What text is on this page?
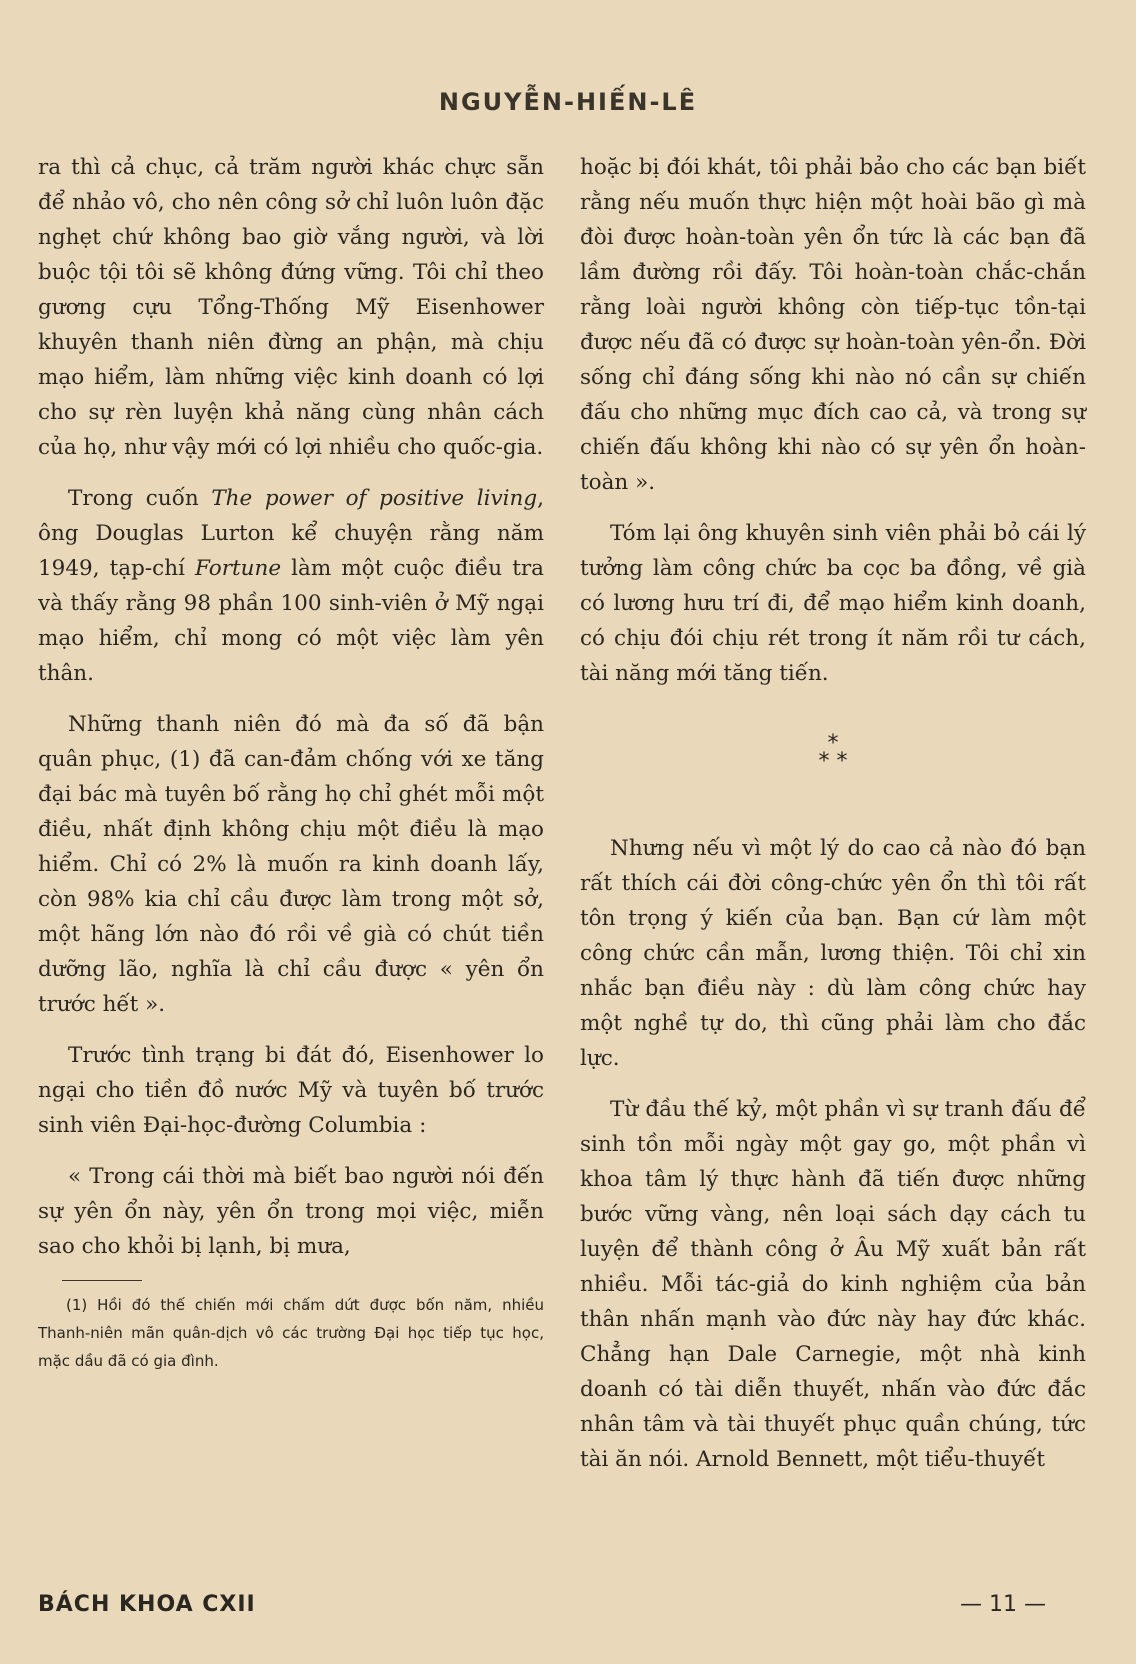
NGUYỄN-HIẾN-LÊ

ra thì cả chục, cả trăm người khác chực sẵn để nhảo vô, cho nên công sở chỉ luôn luôn đặc nghẹt chứ không bao giờ vắng người, và lời buộc tội tôi sẽ không đứng vững. Tôi chỉ theo gương cựu Tổng-Thống Mỹ Eisenhower khuyên thanh niên đừng an phận, mà chịu mạo hiểm, làm những việc kinh doanh có lợi cho sự rèn luyện khả năng cùng nhân cách của họ, như vậy mới có lợi nhiều cho quốc-gia.

Trong cuốn The power of positive living, ông Douglas Lurton kể chuyện rằng năm 1949, tạp-chí Fortune làm một cuộc điều tra và thấy rằng 98 phần 100 sinh-viên ở Mỹ ngại mạo hiểm, chỉ mong có một việc làm yên thân.

Những thanh niên đó mà đa số đã bận quân phục, (1) đã can-đảm chống với xe tăng đại bác mà tuyên bố rằng họ chỉ ghét mỗi một điều, nhất định không chịu một điều là mạo hiểm. Chỉ có 2% là muốn ra kinh doanh lấy, còn 98% kia chỉ cầu được làm trong một sở, một hãng lớn nào đó rồi về già có chút tiền dưỡng lão, nghĩa là chỉ cầu được « yên ổn trước hết ».

Trước tình trạng bi đát đó, Eisenhower lo ngại cho tiền đồ nước Mỹ và tuyên bố trước sinh viên Đại-học-đường Columbia :

« Trong cái thời mà biết bao người nói đến sự yên ổn này, yên ổn trong mọi việc, miễn sao cho khỏi bị lạnh, bị mưa,

(1) Hồi đó thế chiến mới chấm dứt được bốn năm, nhiều Thanh-niên mãn quân-dịch vô các trường Đại học tiếp tục học, mặc dầu đã có gia đình.

hoặc bị đói khát, tôi phải bảo cho các bạn biết rằng nếu muốn thực hiện một hoài bão gì mà đòi được hoàn-toàn yên ổn tức là các bạn đã lầm đường rồi đấy. Tôi hoàn-toàn chắc-chắn rằng loài người không còn tiếp-tục tồn-tại được nếu đã có được sự hoàn-toàn yên-ổn. Đời sống chỉ đáng sống khi nào nó cần sự chiến đấu cho những mục đích cao cả, và trong sự chiến đấu không khi nào có sự yên ổn hoàn-toàn ».

Tóm lại ông khuyên sinh viên phải bỏ cái lý tưởng làm công chức ba cọc ba đồng, về già có lương hưu trí đi, để mạo hiểm kinh doanh, có chịu đói chịu rét trong ít năm rồi tư cách, tài năng mới tăng tiến.

*
* *

Nhưng nếu vì một lý do cao cả nào đó bạn rất thích cái đời công-chức yên ổn thì tôi rất tôn trọng ý kiến của bạn. Bạn cứ làm một công chức cần mẫn, lương thiện. Tôi chỉ xin nhắc bạn điều này : dù làm công chức hay một nghề tự do, thì cũng phải làm cho đắc lực.

Từ đầu thế kỷ, một phần vì sự tranh đấu để sinh tồn mỗi ngày một gay go, một phần vì khoa tâm lý thực hành đã tiến được những bước vững vàng, nên loại sách dạy cách tu luyện để thành công ở Âu Mỹ xuất bản rất nhiều. Mỗi tác-giả do kinh nghiệm của bản thân nhấn mạnh vào đức này hay đức khác. Chẳng hạn Dale Carnegie, một nhà kinh doanh có tài diễn thuyết, nhấn vào đức đắc nhân tâm và tài thuyết phục quần chúng, tức tài ăn nói. Arnold Bennett, một tiểu-thuyết

BÁCH KHOA CXII	— 11 —
